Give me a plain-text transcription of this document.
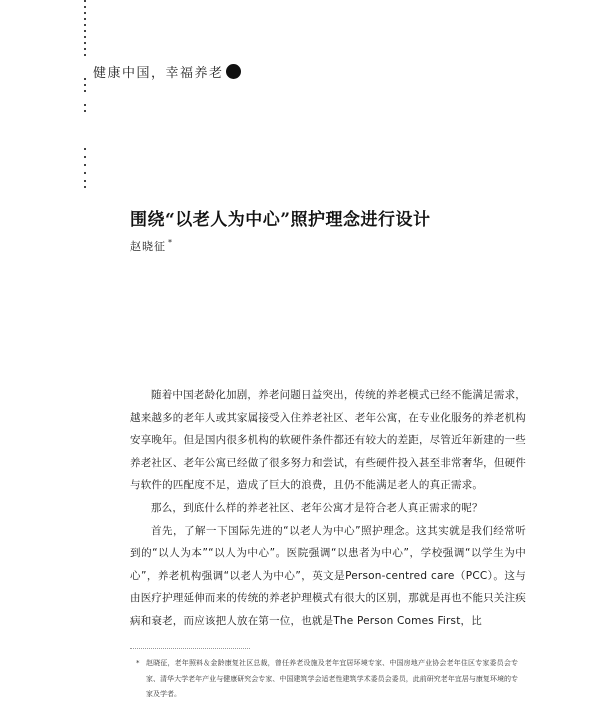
健康中国，幸福养老
围绕“以老人为中心”照护理念进行设计
赵晓征 *

随着中国老龄化加剧，养老问题日益突出，传统的养老模式已经不能满足需求，越来越多的老年人或其家属接受入住养老社区、老年公寓，在专业化服务的养老机构安享晚年。但是国内很多机构的软硬件条件都还有较大的差距，尽管近年新建的一些养老社区、老年公寓已经做了很多努力和尝试，有些硬件投入甚至非常奢华，但硬件与软件的匹配度不足，造成了巨大的浪费，且仍不能满足老人的真正需求。

那么，到底什么样的养老社区、老年公寓才是符合老人真正需求的呢？

首先，了解一下国际先进的“以老人为中心”照护理念。这其实就是我们经常听到的“以人为本”“以人为中心”。医院强调“以患者为中心”，学校强调“以学生为中心”，养老机构强调“以老人为中心”，英文是Person-centred care（PCC）。这与由医疗护理延伸而来的传统的养老护理模式有很大的区别，那就是再也不能只关注疾病和衰老，而应该把人放在第一位，也就是The Person Comes First，比

* 赵晓征，老年照料＆金龄康复社区总裁，曾任养老设施及老年宜居环境专家、中国房地产业协会老年住区专家委员会专家、清华大学老年产业与健康研究会专家、中国建筑学会适老性建筑学术委员会委员，此前研究老年宜居与康复环境的专家及学者。
